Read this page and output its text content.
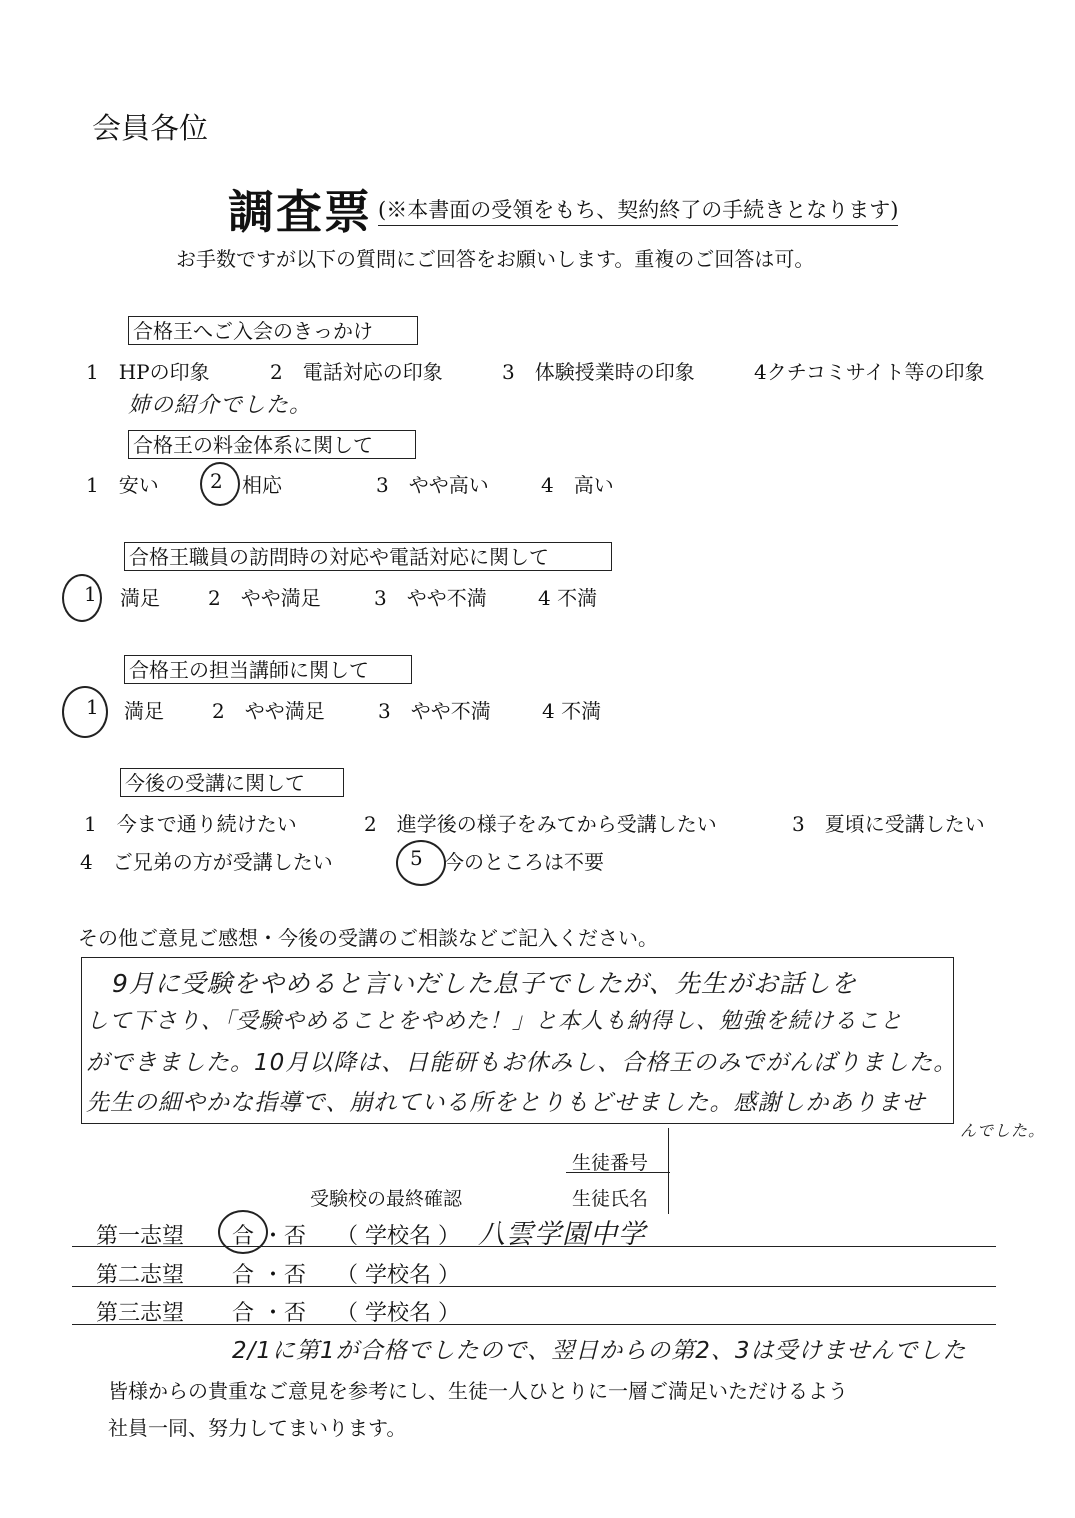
会員各位
調査票 (※本書面の受領をもち、契約終了の手続きとなります)
お手数ですが以下の質問にご回答をお願いします。重複のご回答は可。
合格王へご入会のきっかけ
1　HPの印象	2　電話対応の印象	3　体験授業時の印象	4クチコミサイト等の印象
姉の紹介でした。
合格王の料金体系に関して
1　安い	2 相応	3　やや高い	4　高い
合格王職員の訪問時の対応や電話対応に関して
1 満足 2　やや満足	3　やや不満	4 不満
合格王の担当講師に関して
1 満足 2　やや満足	3　やや不満	4 不満
今後の受講に関して
1　今まで通り続けたい	2　進学後の様子をみてから受講したい	3　夏頃に受講したい
4　ご兄弟の方が受講したい	5 今のところは不要
その他ご意見ご感想・今後の受講のご相談などご記入ください。
9月に受験をやめると言いだした息子でしたが、先生がお話しを
して下さり、「受験やめることをやめた！」と本人も納得し、勉強を続けること
ができました。10月以降は、日能研もお休みし、合格王のみでがんばりました。
先生の細やかな指導で、崩れている所をとりもどせました。感謝しかありませ
んでした。
生徒番号
受験校の最終確認	生徒氏名
第一志望 合 ・ 否 （ 学校名 ） 八雲学園中学
第二志望 合 ・ 否 （ 学校名 ）
第三志望 合 ・ 否 （ 学校名 ）
2/1に第1が合格でしたので、翌日からの第2、3は受けませんでした
皆様からの貴重なご意見を参考にし、生徒一人ひとりに一層ご満足いただけるよう
社員一同、努力してまいります。
